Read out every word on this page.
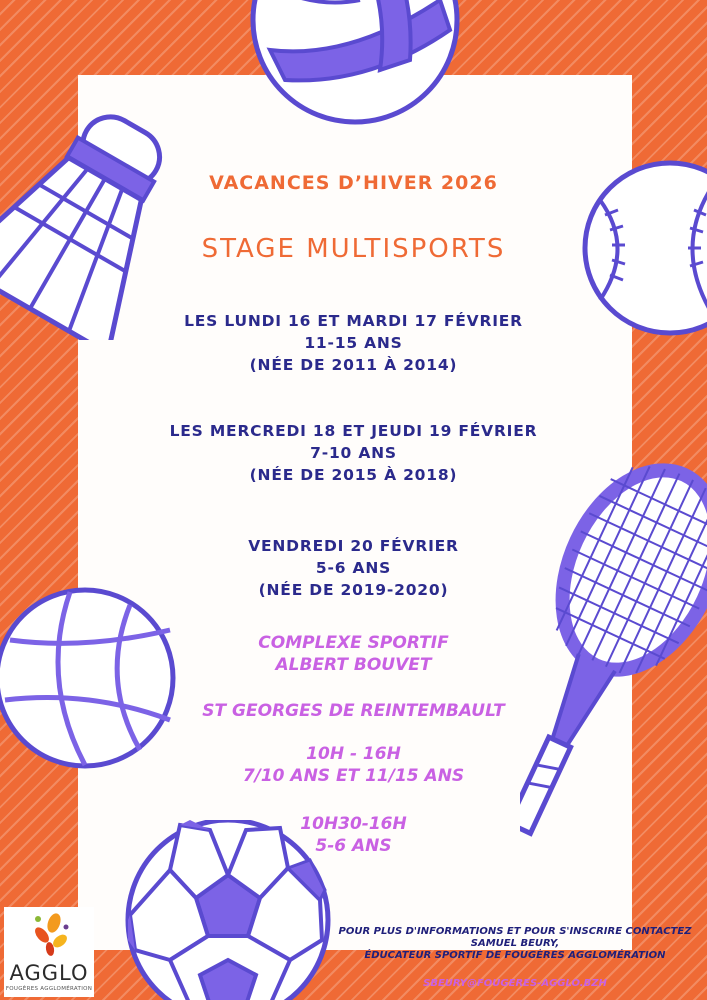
VACANCES D’HIVER 2026
STAGE MULTISPORTS
LES LUNDI 16 ET MARDI 17 FÉVRIER
11-15 ANS
(NÉE DE 2011 À 2014)
LES MERCREDI 18 ET JEUDI 19 FÉVRIER
7-10 ANS
(NÉE DE 2015 À 2018)
VENDREDI 20 FÉVRIER
5-6 ANS
(NÉE DE 2019-2020)
COMPLEXE SPORTIF
ALBERT BOUVET
ST GEORGES DE REINTEMBAULT
10H - 16H
7/10 ANS ET 11/15 ANS
10H30-16H
5-6 ANS
POUR PLUS D'INFORMATIONS ET POUR S'INSCRIRE CONTACTEZ
SAMUEL BEURY,
ÉDUCATEUR SPORTIF DE FOUGÈRES AGGLOMÉRATION
SBEURY@FOUGERES-AGGLO.BZH
AGGLO
FOUGÈRES AGGLOMÉRATION
